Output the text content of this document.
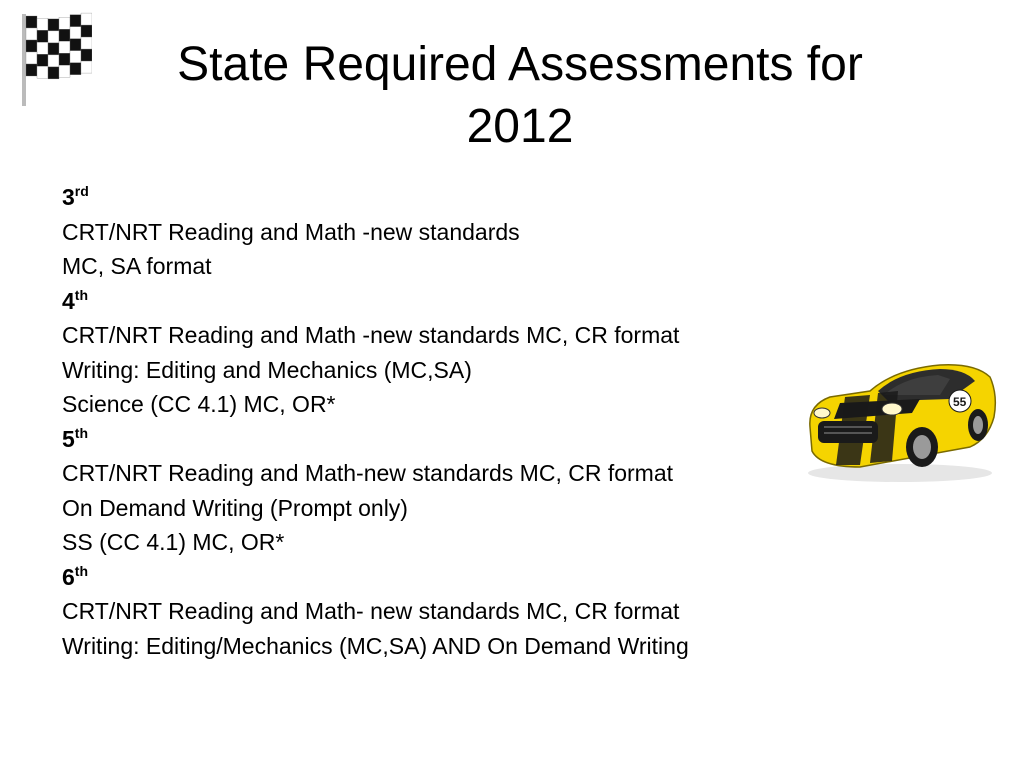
State Required Assessments for
2012
3rd
CRT/NRT Reading and Math -new standards
MC, SA format
4th
CRT/NRT Reading and Math -new standards MC, CR format
Writing: Editing and Mechanics (MC,SA)
Science (CC 4.1) MC, OR*
5th
CRT/NRT Reading and Math-new standards MC, CR format
On Demand Writing (Prompt only)
SS (CC 4.1) MC, OR*
6th
CRT/NRT Reading and Math- new standards MC, CR format
Writing: Editing/Mechanics (MC,SA) AND On Demand Writing
55
